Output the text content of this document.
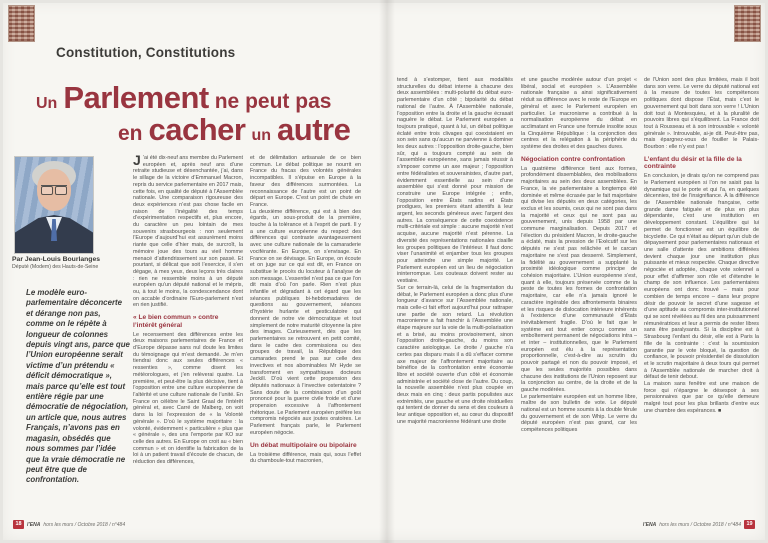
Constitution, Constitutions
Un Parlement ne peut pas
en cacher un autre
Par Jean-Louis Bourlanges
Député (Modem) des Hauts-de-Seine
Le modèle euro-parlementaire déconcerte et dérange non pas, comme on le répète à longueur de colonnes depuis vingt ans, parce que l’Union européenne serait victime d’un prétendu « déficit démocratique », mais parce qu’elle est tout entière régie par une démocratie de négociation, un article que, nous autres Français, n’avons pas en magasin, obsédés que nous sommes par l’idée que la vraie démocratie ne peut être que de confrontation.

J ’ai été dix-neuf ans membre du Parlement européen et, après neuf ans d’une retraite studieuse et désenchantée, j’ai, dans le sillage de la victoire d’Emmanuel Macron, repris du service parlementaire en 2017 mais, cette fois, en qualité de député à l’Assemblée nationale. Une comparaison rigoureuse des deux expériences n’est pas chose facile en raison de l’inégalité des temps d’expérimentation respectifs et, plus encore, du caractère un peu lointain de mes souvenirs strasbourgeois : non seulement l’Europe d’aujourd’hui est assurément moins riante que celle d’hier mais, de surcroît, la mémoire joue des tours au vieil homme menacé d’attendrissement sur son passé. Et pourtant, si délicat que soit l’exercice, il s’en dégage, à mes yeux, deux leçons très claires : rien ne ressemble moins à un député européen qu’un député national et le mépris, ou, à tout le moins, la condescendance dont on accable d’ordinaire l’Euro-parlement n’est en rien justifié.

« Le bien commun » contre l’intérêt général

Le recensement des différences entre les deux maisons parlementaires de France et d’Europe dépasse sans nul doute les limites du témoignage qui m’est demandé. Je m’en tiendrai donc aux seules différences « ressenties », comme disent les météorologues, et j’en relèverai quatre. La première, et peut-être la plus décisive, tient à l’opposition entre une culture européenne de l’altérité et une culture nationale de l’unité. En France on célèbre le Saint Graal de l’intérêt général et, avec Carré de Malberg, on voit dans la loi l’expression de « la Volonté générale ». D’où le système majoritaire : la volonté, évidemment « particulière » plus que « générale », des uns l’emporte par KO sur celle des autres. En Europe on croit au « bien commun » et on identifie la fabrication de la loi à un patient travail d’écoute de chacun, de réduction des différences,

et de délimitation artisanale de ce bien commun. Le débat politique se nourrit en France du fracas des volontés générales incompatibles. Il s’épuise en Europe à la faveur des différences surmontées. La reconnaissance de l’autre est un point de départ en Europe. C’est un point de chute en France.

La deuxième différence, qui est à bien des égards, un sous-produit de la première, touche à la tolérance et à l’esprit de parti. Il y a une culture européenne du respect des différences qui contraste avantageusement avec une culture nationale de la camaraderie vociférante. En Europe, on s’envisage. En France on se dévisage. En Europe, on écoute et on juge sur ce qui est dit, en France on substitue le procès du locuteur à l’analyse de son message. L’essentiel n’est pas ce que l’on dit mais d’où l’on parle. Rien n’est plus infantile et dégradant à cet égard que les séances publiques bi-hebdomadaires de questions au gouvernement, séances d’hystérie hurlante et gesticulatoire qui donnent de notre vie démocratique et tout simplement de notre maturité citoyenne la pire des images. Curieusement, dès que les parlementaires se retrouvent en petit comité, dans le cadre des commissions ou des groupes de travail, la République des camarades prend le pas sur celle des invectives et nos abominables Mr Hyde se transforment en sympathiques docteurs Jeckill. D’où vient cette propension des députés nationaux à l’invective ostentatoire ? Sans doute de la combinaison d’un goût prononcé pour la guerre civile froide et d’une propension excessive à l’affrontement rhétorique. Le Parlement européen préfère les compromis négociés aux joutes oratoires. Le Parlement français parle, le Parlement européen négocie.

Un débat multipolaire ou bipolaire

La troisième différence, mais qui, sous l’effet du chamboule-tout macronien,

tend à s’estomper, tient aux modalités structurelles du débat interne à chacune des deux assemblées : multi-polarité du débat euro-parlementaire d’un côté ; bipolarité du débat national de l’autre. À l’Assemblée nationale, l’opposition entre la droite et la gauche écrasait naguère le débat. Le Parlement européen a toujours pratiqué, quant à lui, un débat politique éclaté entre trois clivages qui coexistaient en son sein sans qu’aucun ne parvienne à dominer les deux autres : l’opposition droite-gauche, bien sûr, qui a toujours compté au sein de l’assemblée européenne, sans jamais réussir à s’imposer comme un axe majeur ; l’opposition entre fédéralistes et souverainistes, d’autre part, évidemment essentielle au sein d’une assemblée qui s’est donné pour mission de construire une Europe intégrée ; enfin, l’opposition entre États radins et États prodigues, les premiers étant attentifs à leur argent, les seconds généreux avec l’argent des autres. La conséquence de cette coexistence multi-critériale est simple : aucune majorité n’est acquise, aucune majorité n’est pérenne. La diversité des représentations nationales cisaille les groupes politiques de l’intérieur. Il faut donc viser l’unanimité et enjamber tous les groupes pour atteindre une simple majorité. Le Parlement européen est un lieu de négociation ininterrompue. Les couteaux doivent rester au vestiaire.

Sur ce terrain-là, celui de la fragmentation du débat, le Parlement européen a donc plus d’une longueur d’avance sur l’Assemblée nationale, mais celle-ci fait effort aujourd’hui pour rattraper une partie de son retard. La révolution macronienne a fait franchir à l’Assemblée une étape majeure sur la voie de la multi-polarisation et a brisé, au moins provisoirement, sinon l’opposition droite-gauche, du moins son caractère axiologique. Le droite / gauche n’a certes pas disparu mais il a dû s’effacer comme axe majeur de l’affrontement majoritaire au bénéfice de la confrontation entre économie libre et société ouverte d’un côté et économie administrée et société close de l’autre. Du coup, la nouvelle assemblée n’est plus coupée en deux mais en cinq : deux partis populistes aux extrémités, une gauche et une droite résiduelles qui tentent de donner du sens et des couleurs à leur antique opposition et, au cœur du dispositif une majorité macronienne fédérant une droite

et une gauche modérée autour d’un projet « libéral, social et européen ». L’Assemblée nationale française a ainsi significativement réduit sa différence avec le reste de l’Europe en général et avec le Parlement européen en particulier. Le macronisme a contribué à la normalisation européenne du débat en acclimatant en France une formule insolite sous la Cinquième République : la conjonction des centres et la relégation à la périphérie du système des droites et des gauches dures.

Négociation contre confrontation

La quatrième différence tient aux formes, profondément dissemblables, des mobilisations majoritaires au sein des deux assemblées. En France, la vie parlementaire a longtemps été dominée et même écrasée par le fait majoritaire qui divise les députés en deux catégories, les exclus et les soumis, ceux qui ne sont pas dans la majorité et ceux qui ne sont pas au gouvernement, unis depuis 1958 par une commune marginalisation. Depuis 2017 et l’élection du président Macron, le droite-gauche a éclaté, mais la pression de l’Exécutif sur les députés ne s’est pas relâchée et le carcan majoritaire ne s’est pas desserré. Simplement, la fidélité au gouvernement a supplanté la proximité idéologique comme principe de cohésion majoritaire. L’Union européenne s’est, quant à elle, toujours préservée comme de la peste de toutes les formes de confrontation majoritaire, car elle n’a jamais ignoré le caractère ingérable des affrontements binaires et les risques de dislocation intérieure inhérents à l’existence d’une communauté d’États inévitablement fragile. D’où le fait que le système est tout entier conçu comme un emboîtement permanent de négociations intra – et inter – institutionnelles, que le Parlement européen est élu à la représentation proportionnelle, c’est-à-dire au scrutin du pouvoir partagé et non du pouvoir imposé, et que les seules majorités possibles dans chacune des institutions de l’Union reposent sur la conjonction au centre, de la droite et de la gauche modérées.

Le parlementaire européen est un homme libre, maître de son bulletin de vote. Le député national est un homme soumis à la double férule du gouvernement et de son Whip. Le verre du député européen n’est pas grand, car les compétences politiques

de l’Union sont des plus limitées, mais il boit dans son verre. Le verre du député national est à la mesure de toutes les compétences politiques dont dispose l’État, mais c’est le gouvernement qui boit dans son verre ! L’Union doit tout à Montesquieu, et à la pluralité de pouvoirs libres qui s’équilibrent. La France doit tout à Rousseau et à son introuvable « volonté générale ». Introuvable, ai-je dit. Peut-être pas, mais épargnez-vous de fouiller le Palais-Bourbon : elle n’y est pas !

L’enfant du désir et la fille de la contrainte

En conclusion, je dirais qu’on ne comprend pas le Parlement européen si l’on ne saisit pas la dynamique qui le porte et qui l’a, en quelques décennies, tiré de l’insignifiance. À la différence de l’Assemblée nationale française, cette grande dame fatiguée et de plus en plus dépendante, c’est une institution en développement constant. L’équilibre qui lui permet de fonctionner est un équilibre de bicyclette. Ce qui n’était au départ qu’un club de dépaysement pour parlementaires nationaux et une salle d’attente des ambitions différées devient chaque jour une institution plus puissante et mieux respectée. Chaque directive négociée et adoptée, chaque vote solennel a pour effet d’affirmer son rôle et d’étendre le champ de son influence. Les parlementaires européens ont donc trouvé – mais pour combien de temps encore – dans leur propre désir de pouvoir le secret d’une sagesse et d’une aptitude au compromis inter-institutionnel qui se sont révélées au fil des ans puissamment rémunératrices et leur a permis de rester libres sans être paralysants. Si la discipline est à Strasbourg l’enfant du désir, elle est à Paris la fille de la contrainte : c’est la soumission garantie par le vote bloqué, la question de confiance, le pouvoir présidentiel de dissolution et le scrutin majoritaire à deux tours qui permet à l’Assemblée nationale de marcher droit à défaut de tenir debout.

La maison sans fenêtre est une maison de force qui n’épargne le désespoir à ses pensionnaires que par ce qu’elle demeure malgré tout pour les plus brillants d’entre eux une chambre des espérances. ■

18	l’ENA hors les murs / Octobre 2018 / n°484	l’ENA hors les murs / Octobre 2018 / n°484 19
